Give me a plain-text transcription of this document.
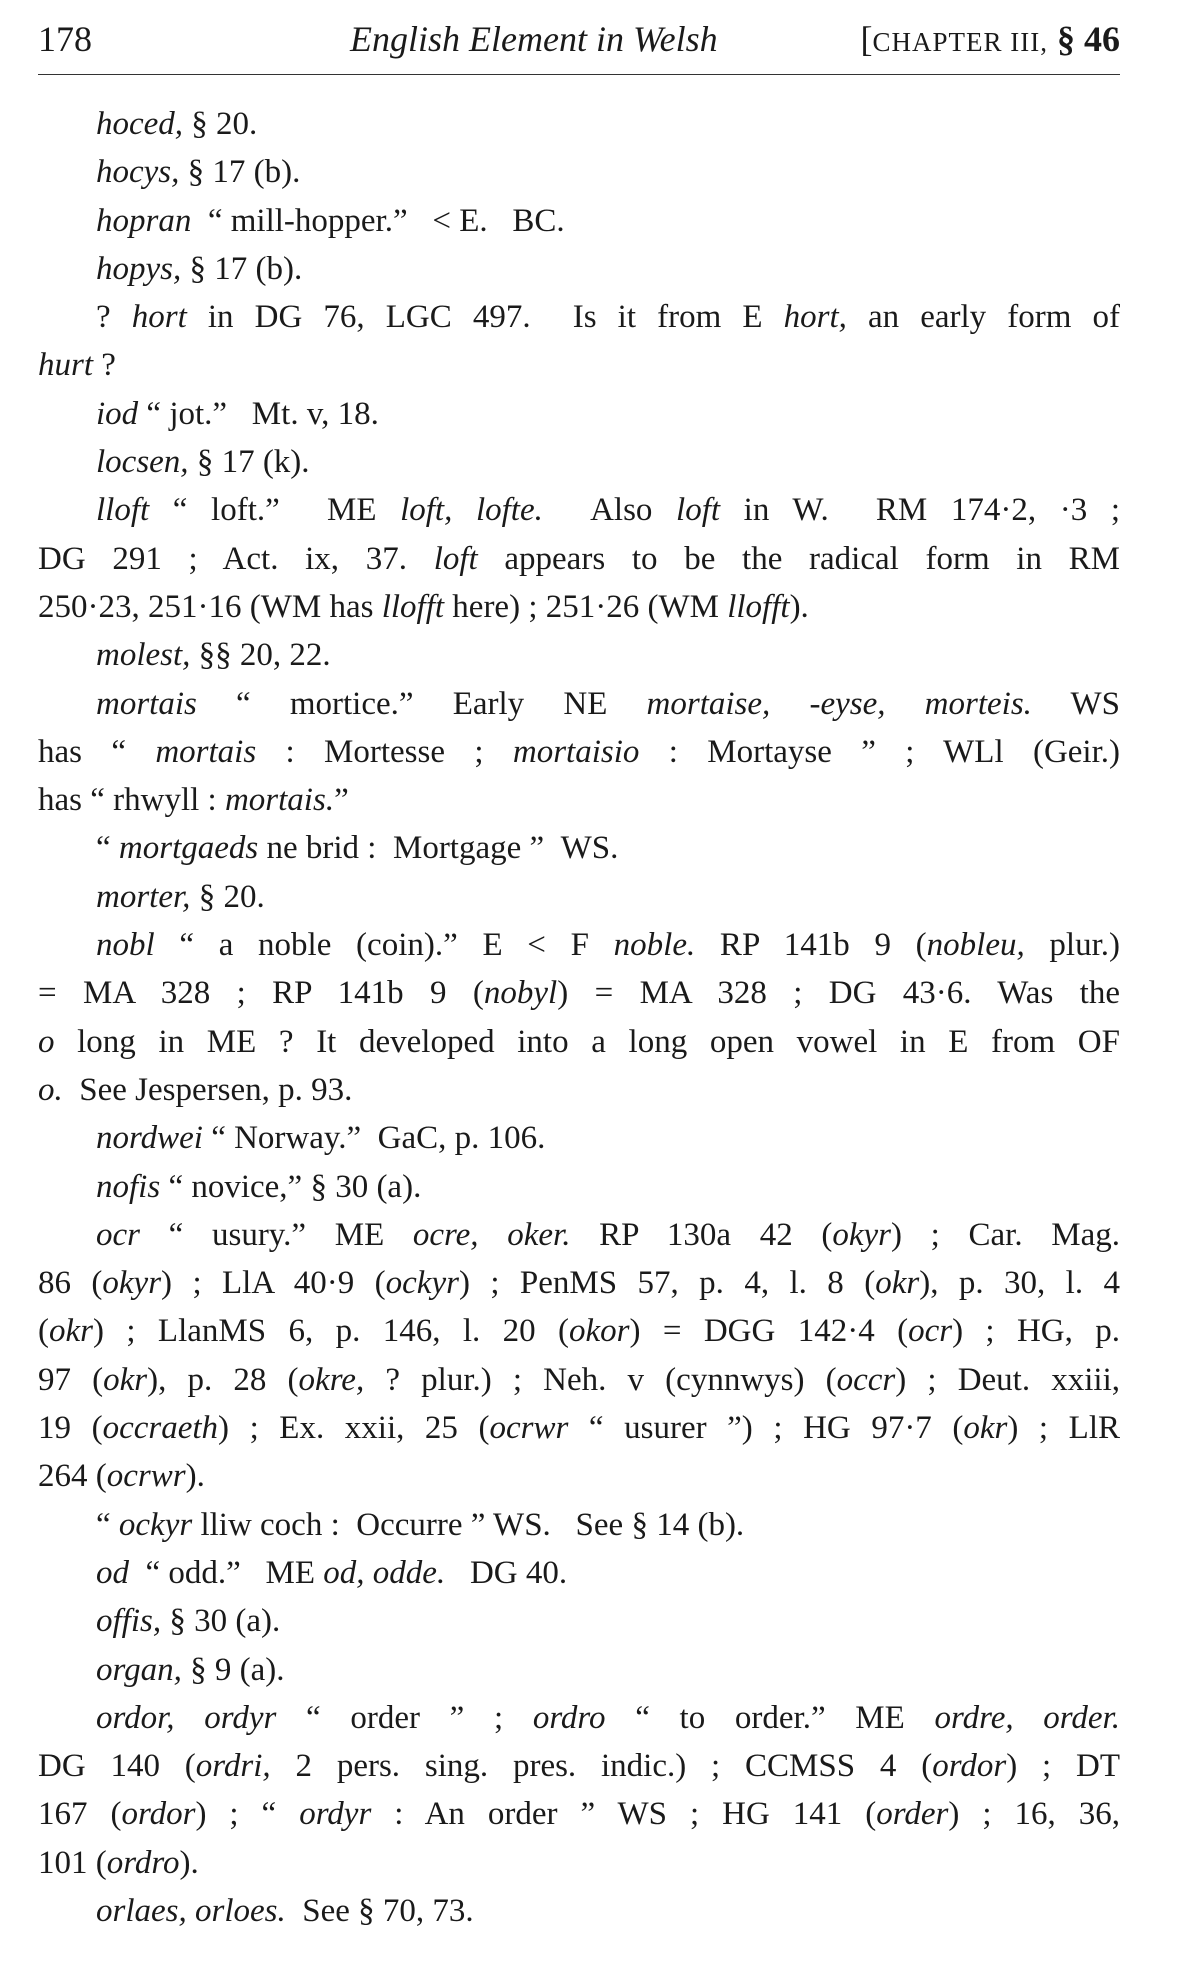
178	English Element in Welsh	[CHAPTER III, § 46
hoced, § 20.
hocys, § 17 (b).
hopran  “ mill-hopper.”   < E.   BC.
hopys, § 17 (b).
? hort in DG 76, LGC 497.  Is it from E hort, an early form of
hurt ?
iod “ jot.”   Mt. v, 18.
locsen, § 17 (k).
lloft “ loft.”  ME loft, lofte.  Also loft in W.  RM 174·2, ·3 ;
DG 291 ; Act. ix, 37. loft appears to be the radical form in RM
250·23, 251·16 (WM has llofft here) ; 251·26 (WM llofft).
molest, §§ 20, 22.
mortais “ mortice.” Early NE mortaise, -eyse, morteis. WS
has “ mortais : Mortesse ; mortaisio : Mortayse ” ; WLl (Geir.)
has “ rhwyll : mortais.”
“ mortgaeds ne brid :  Mortgage ”  WS.
morter, § 20.
nobl “ a noble (coin).” E < F noble. RP 141b 9 (nobleu, plur.)
= MA 328 ; RP 141b 9 (nobyl) = MA 328 ; DG 43·6. Was the
o long in ME ? It developed into a long open vowel in E from OF
o.  See Jespersen, p. 93.
nordwei “ Norway.”  GaC, p. 106.
nofis “ novice,” § 30 (a).
ocr “ usury.” ME ocre, oker. RP 130a 42 (okyr) ; Car. Mag.
86 (okyr) ; LlA 40·9 (ockyr) ; PenMS 57, p. 4, l. 8 (okr), p. 30, l. 4
(okr) ; LlanMS 6, p. 146, l. 20 (okor) = DGG 142·4 (ocr) ; HG, p.
97 (okr), p. 28 (okre, ? plur.) ; Neh. v (cynnwys) (occr) ; Deut. xxiii,
19 (occraeth) ; Ex. xxii, 25 (ocrwr “ usurer ”) ; HG 97·7 (okr) ; LlR
264 (ocrwr).
“ ockyr lliw coch :  Occurre ” WS.   See § 14 (b).
od  “ odd.”   ME od, odde.   DG 40.
offis, § 30 (a).
organ, § 9 (a).
ordor, ordyr “ order ” ; ordro “ to order.” ME ordre, order.
DG 140 (ordri, 2 pers. sing. pres. indic.) ; CCMSS 4 (ordor) ; DT
167 (ordor) ; “ ordyr : An order ” WS ; HG 141 (order) ; 16, 36,
101 (ordro).
orlaes, orloes.  See § 70, 73.
